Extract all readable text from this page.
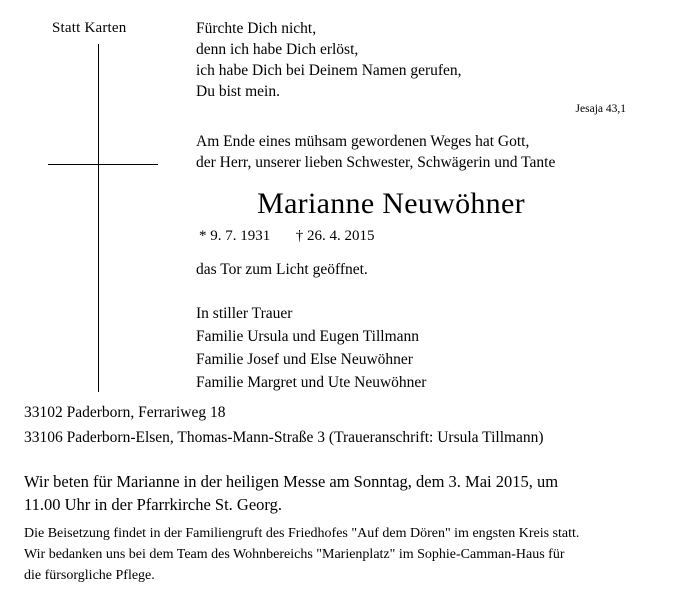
Statt Karten	Fürchte Dich nicht,
denn ich habe Dich erlöst,
ich habe Dich bei Deinem Namen gerufen,
Du bist mein.
Jesaja 43,1
Am Ende eines mühsam gewordenen Weges hat Gott,
der Herr, unserer lieben Schwester, Schwägerin und Tante
Marianne Neuwöhner
* 9. 7. 1931 † 26. 4. 2015
das Tor zum Licht geöffnet.
In stiller Trauer
Familie Ursula und Eugen Tillmann
Familie Josef und Else Neuwöhner
Familie Margret und Ute Neuwöhner
33102 Paderborn, Ferrariweg 18
33106 Paderborn-Elsen, Thomas-Mann-Straße 3 (Traueranschrift: Ursula Tillmann)
Wir beten für Marianne in der heiligen Messe am Sonntag, dem 3. Mai 2015, um
11.00 Uhr in der Pfarrkirche St. Georg.
Die Beisetzung findet in der Familiengruft des Friedhofes "Auf dem Dören" im engsten Kreis statt.
Wir bedanken uns bei dem Team des Wohnbereichs "Marienplatz" im Sophie-Camman-Haus für
die fürsorgliche Pflege.
